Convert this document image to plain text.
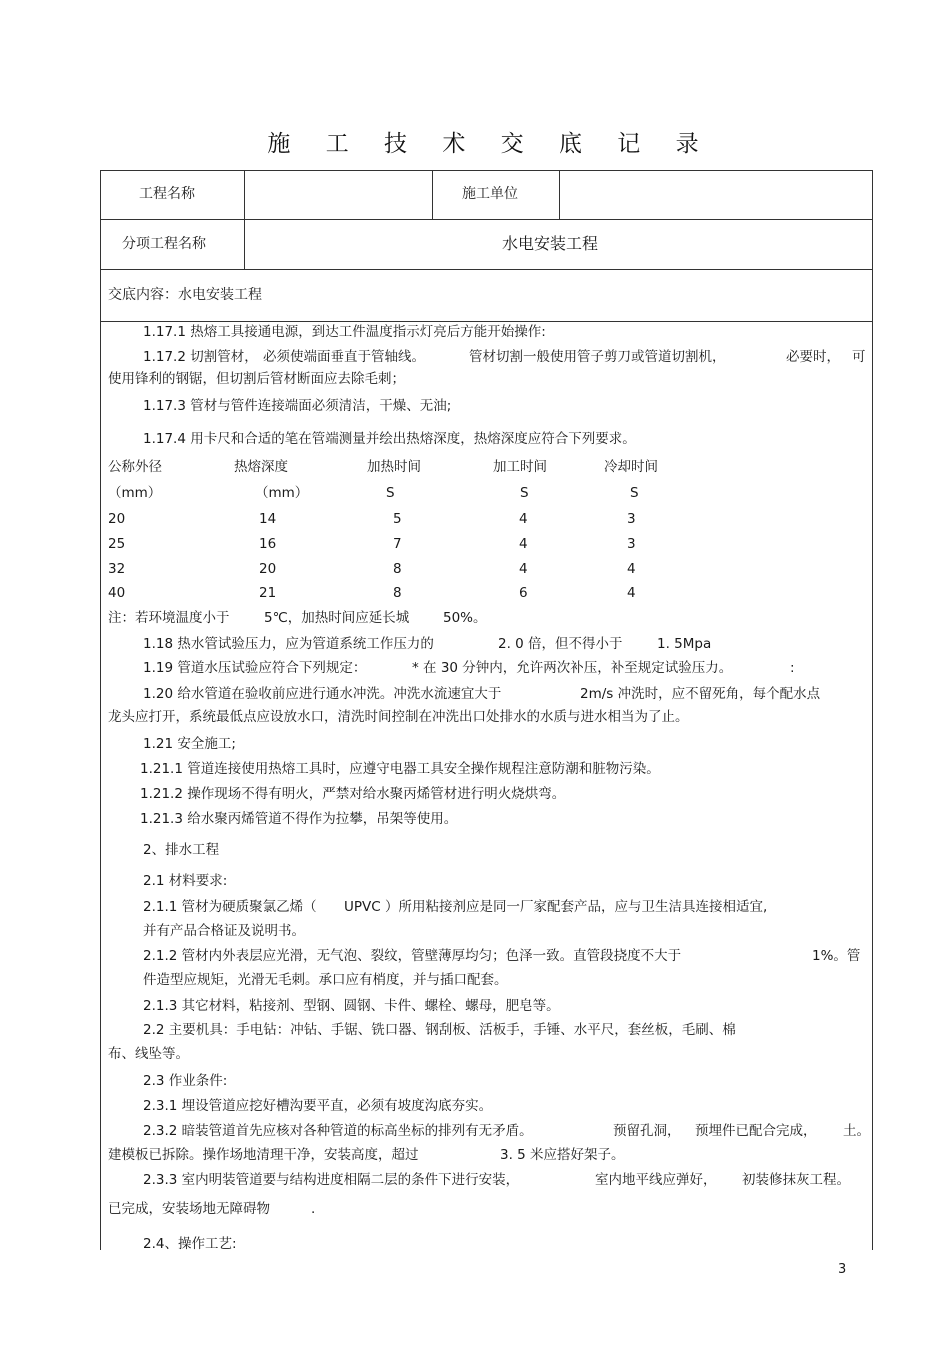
施 工 技 术 交 底 记 录
工程名称	施工单位
分项工程名称	水电安装工程
交底内容：水电安装工程
1.17.1 热熔工具接通电源，到达工件温度指示灯亮后方能开始操作:
1.17.2 切割管材， 必须使端面垂直于管轴线。	管材切割一般使用管子剪刀或管道切割机，	必要时， 可
使用锋利的钢锯，但切割后管材断面应去除毛刺；
1.17.3 管材与管件连接端面必须清洁，干燥、无油;
1.17.4 用卡尺和合适的笔在管端测量并绘出热熔深度，热熔深度应符合下列要求。
公称外径	热熔深度	加热时间	加工时间	冷却时间
（mm）	（mm）	S	S	S
20	14	5	4	3
25	16	7	4	3
32	20	8	4	4
40	21	8	6	4
注：若环境温度小于	5℃，加热时间应延长城	50%。
1.18 热水管试验压力，应为管道系统工作压力的	2. 0 倍，但不得小于	1. 5Mpa
1.19 管道水压试验应符合下列规定：	* 在 30 分钟内，允许两次补压，补至规定试验压力。	:
1.20 给水管道在验收前应进行通水冲洗。冲洗水流速宜大于	2m/s 冲洗时，应不留死角，每个配水点
龙头应打开，系统最低点应设放水口，清洗时间控制在冲洗出口处排水的水质与进水相当为了止。
1.21 安全施工;
1.21.1 管道连接使用热熔工具时，应遵守电器工具安全操作规程注意防潮和脏物污染。
1.21.2 操作现场不得有明火，严禁对给水聚丙烯管材进行明火烧烘弯。
1.21.3 给水聚丙烯管道不得作为拉攀，吊架等使用。
2、排水工程
2.1 材料要求:
2.1.1 管材为硬质聚氯乙烯（ UPVC ）所用粘接剂应是同一厂家配套产品，应与卫生洁具连接相适宜,
并有产品合格证及说明书。
2.1.2 管材内外表层应光滑，无气泡、裂纹，管壁薄厚均匀；色泽一致。直管段挠度不大于	1%。管
件造型应规矩，光滑无毛刺。承口应有梢度，并与插口配套。
2.1.3 其它材料，粘接剂、型钢、圆钢、卡件、螺栓、螺母，肥皂等。
2.2 主要机具：手电钻：冲钻、手锯、铣口器、钢刮板、活板手，手锤、水平尺，套丝板，毛刷、棉
布、线坠等。
2.3 作业条件:
2.3.1 埋设管道应挖好槽沟要平直，必须有坡度沟底夯实。
2.3.2 暗装管道首先应核对各种管道的标高坐标的排列有无矛盾。	预留孔洞， 预埋件已配合完成， 土。
建模板已拆除。操作场地清理干净，安装高度，超过	3. 5 米应搭好架子。
2.3.3 室内明装管道要与结构进度相隔二层的条件下进行安装，	室内地平线应弹好， 初装修抹灰工程。
已完成，安装场地无障碍物	.
2.4、操作工艺:
3
